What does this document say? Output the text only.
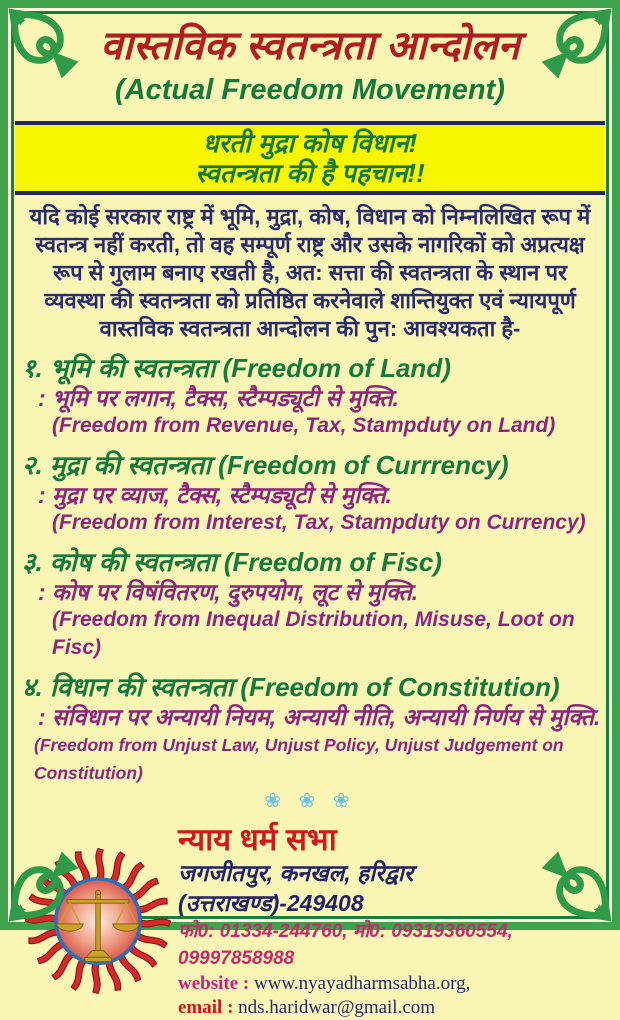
वास्तविक स्वतन्त्रता आन्दोलन
(Actual Freedom Movement)
धरती मुद्रा कोष विधान!
स्वतन्त्रता की है पहचान!!
यदि कोई सरकार राष्ट्र में भूमि, मुद्रा, कोष, विधान को निम्नलिखित रूप में स्वतन्त्र नहीं करती, तो वह सम्पूर्ण राष्ट्र और उसके नागरिकों को अप्रत्यक्ष रूप से गुलाम बनाए रखती है, अत: सत्ता की स्वतन्त्रता के स्थान पर व्यवस्था की स्वतन्त्रता को प्रतिष्ठित करनेवाले शान्तियुक्त एवं न्यायपूर्ण वास्तविक स्वतन्त्रता आन्दोलन की पुन: आवश्यकता है-
१. भूमि की स्वतन्त्रता (Freedom of Land)
: भूमि पर लगान, टैक्स, स्टैम्पड्यूटी से मुक्ति.
(Freedom from Revenue, Tax, Stampduty on Land)
२. मुद्रा की स्वतन्त्रता (Freedom of Currrency)
: मुद्रा पर व्याज, टैक्स, स्टैम्पड्यूटी से मुक्ति.
(Freedom from Interest, Tax, Stampduty on Currency)
३. कोष की स्वतन्त्रता (Freedom of Fisc)
: कोष पर विषंवितरण, दुरुपयोग, लूट से मुक्ति.
(Freedom from Inequal Distribution, Misuse, Loot on Fisc)
४. विधान की स्वतन्त्रता (Freedom of Constitution)
: संविधान पर अन्यायी नियम, अन्यायी नीति, अन्यायी निर्णय से मुक्ति.
(Freedom from Unjust Law, Unjust Policy, Unjust Judgement on Constitution)
❀ ❀ ❀
न्याय धर्म सभा
जगजीतपुर, कनखल, हरिद्वार (उत्तराखण्ड)-249408
फो0: 01334-244760, मो0: 09319360554, 09997858988
website : www.nyayadharmsabha.org,
email : nds.haridwar@gmail.com
